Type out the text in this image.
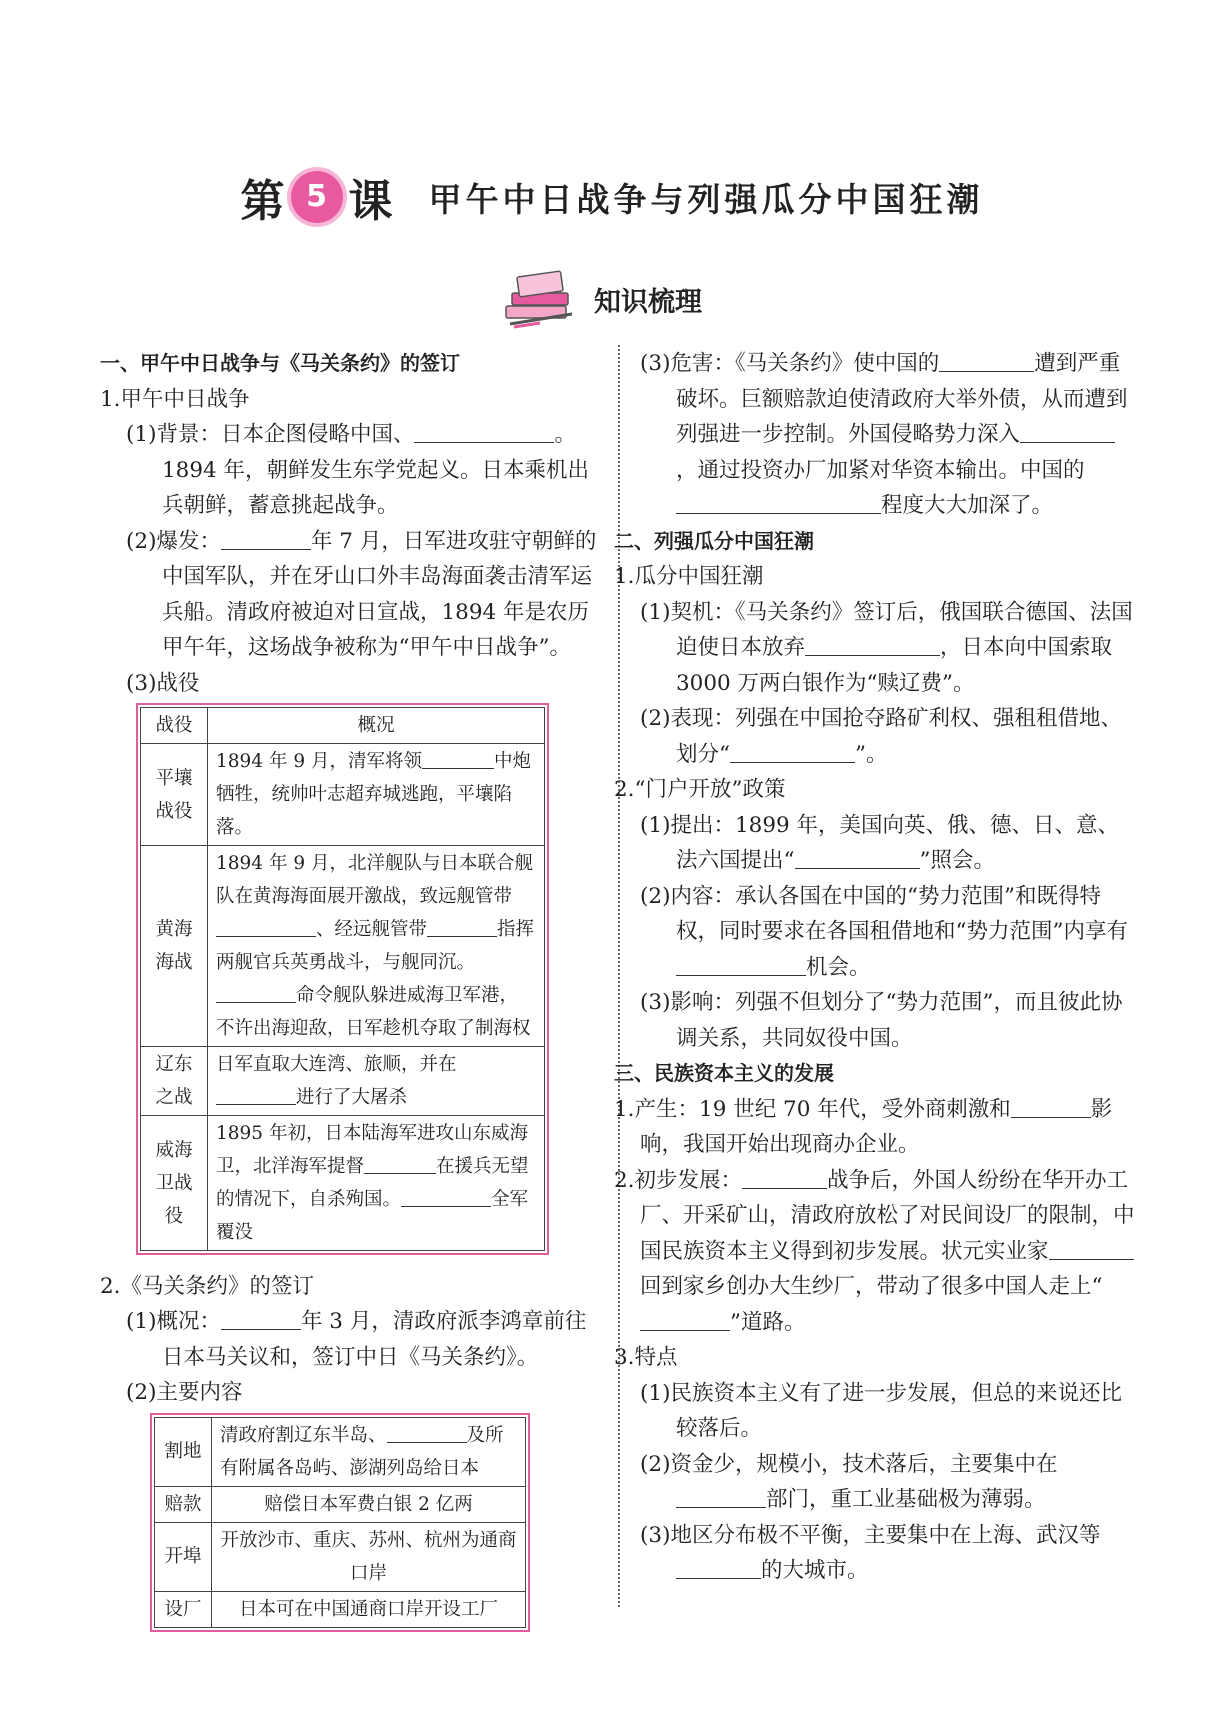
第 5 课 甲午中日战争与列强瓜分中国狂潮
知识梳理

一、甲午中日战争与《马关条约》的签订

1.甲午中日战争

(1)背景：日本企图侵略中国、	。1894 年，朝鲜发生东学党起义。日本乘机出兵朝鲜，蓄意挑起战争。

(2)爆发：	年 7 月，日军进攻驻守朝鲜的中国军队，并在牙山口外丰岛海面袭击清军运兵船。清政府被迫对日宣战，1894 年是农历甲午年，这场战争被称为“甲午中日战争”。

(3)战役

战役	概况
平壤战役	1894 年 9 月，清军将领 中炮牺牲，统帅叶志超弃城逃跑，平壤陷落。
黄海海战	1894 年 9 月，北洋舰队与日本联合舰队在黄海海面展开激战，致远舰管带、经远舰管带 指挥两舰官兵英勇战斗，与舰同沉。命令舰队躲进威海卫军港，不许出海迎敌，日军趁机夺取了制海权
辽东之战	日军直取大连湾、旅顺，并在进行了大屠杀
威海卫战役	1895 年初，日本陆海军进攻山东威海卫，北洋海军提督 在援兵无望的情况下，自杀殉国。 全军覆没

2.《马关条约》的签订

(1)概况：	年 3 月，清政府派李鸿章前往日本马关议和，签订中日《马关条约》。

(2)主要内容

割地	清政府割辽东半岛、 及所有附属各岛屿、澎湖列岛给日本
赔款	赔偿日本军费白银 2 亿两
开埠	开放沙市、重庆、苏州、杭州为通商口岸
设厂	日本可在中国通商口岸开设工厂

(3)危害：《马关条约》使中国的	遭到严重破坏。巨额赔款迫使清政府大举外债，从而遭到列强进一步控制。外国侵略势力深入，通过投资办厂加紧对华资本输出。中国的程度大大加深了。

二、列强瓜分中国狂潮

1.瓜分中国狂潮

(1)契机：《马关条约》签订后，俄国联合德国、法国迫使日本放弃	，日本向中国索取 3000 万两白银作为“赎辽费”。

(2)表现：列强在中国抢夺路矿利权、强租租借地、划分“	”。

2.“门户开放”政策

(1)提出：1899 年，美国向英、俄、德、日、意、法六国提出“	”照会。

(2)内容：承认各国在中国的“势力范围”和既得特权，同时要求在各国租借地和“势力范围”内享有机会。

(3)影响：列强不但划分了“势力范围”，而且彼此协调关系，共同奴役中国。

三、民族资本主义的发展

1.产生：19 世纪 70 年代，受外商刺激和	影响，我国开始出现商办企业。

2.初步发展：	战争后，外国人纷纷在华开办工厂、开采矿山，清政府放松了对民间设厂的限制，中国民族资本主义得到初步发展。状元实业家回到家乡创办大生纱厂，带动了很多中国人走上“”道路。

3.特点

(1)民族资本主义有了进一步发展，但总的来说还比较落后。

(2)资金少，规模小，技术落后，主要集中在部门，重工业基础极为薄弱。

(3)地区分布极不平衡，主要集中在上海、武汉等的大城市。
